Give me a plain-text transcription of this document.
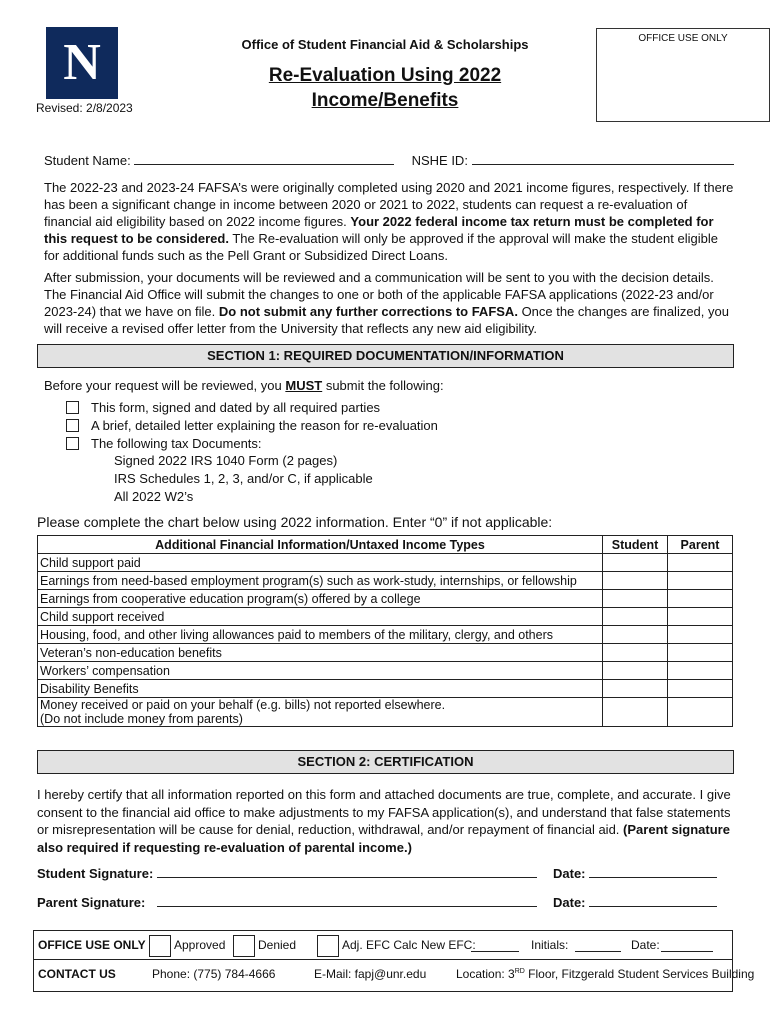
N
Revised: 2/8/2023
Office of Student Financial Aid & Scholarships
Re-Evaluation Using 2022
Income/Benefits
OFFICE USE ONLY
Student Name:	NSHE ID:
The 2022-23 and 2023-24 FAFSA’s were originally completed using 2020 and 2021 income figures, respectively. If there has been a significant change in income between 2020 or 2021 to 2022, students can request a re-evaluation of financial aid eligibility based on 2022 income figures. Your 2022 federal income tax return must be completed for this request to be considered. The Re-evaluation will only be approved if the approval will make the student eligible for additional funds such as the Pell Grant or Subsidized Direct Loans.
After submission, your documents will be reviewed and a communication will be sent to you with the decision details. The Financial Aid Office will submit the changes to one or both of the applicable FAFSA applications (2022-23 and/or 2023-24) that we have on file. Do not submit any further corrections to FAFSA. Once the changes are finalized, you will receive a revised offer letter from the University that reflects any new aid eligibility.
SECTION 1: REQUIRED DOCUMENTATION/INFORMATION
Before your request will be reviewed, you MUST submit the following:
This form, signed and dated by all required parties
A brief, detailed letter explaining the reason for re-evaluation
The following tax Documents:
Signed 2022 IRS 1040 Form (2 pages)
IRS Schedules 1, 2, 3, and/or C, if applicable
All 2022 W2’s
Please complete the chart below using 2022 information. Enter “0” if not applicable:
Additional Financial Information/Untaxed Income Types	Student	Parent
Child support paid		
Earnings from need-based employment program(s) such as work-study, internships, or fellowship		
Earnings from cooperative education program(s) offered by a college		
Child support received		
Housing, food, and other living allowances paid to members of the military, clergy, and others		
Veteran’s non-education benefits		
Workers’ compensation		
Disability Benefits		

Money received or paid on your behalf (e.g. bills) not reported elsewhere.
(Do not include money from parents)		

SECTION 2: CERTIFICATION
I hereby certify that all information reported on this form and attached documents are true, complete, and accurate. I give consent to the financial aid office to make adjustments to my FAFSA application(s), and understand that false statements or misrepresentation will be cause for denial, reduction, withdrawal, and/or repayment of financial aid. (Parent signature also required if requesting re-evaluation of parental income.)
Student Signature:	Date:
Parent Signature:	Date:
OFFICE USE ONLY Approved	Denied	Adj. EFC Calc New EFC:	Initials:	Date:
CONTACT US	Phone: (775) 784-4666	E-Mail: fapj@unr.edu Location: 3RD Floor, Fitzgerald Student Services Building
